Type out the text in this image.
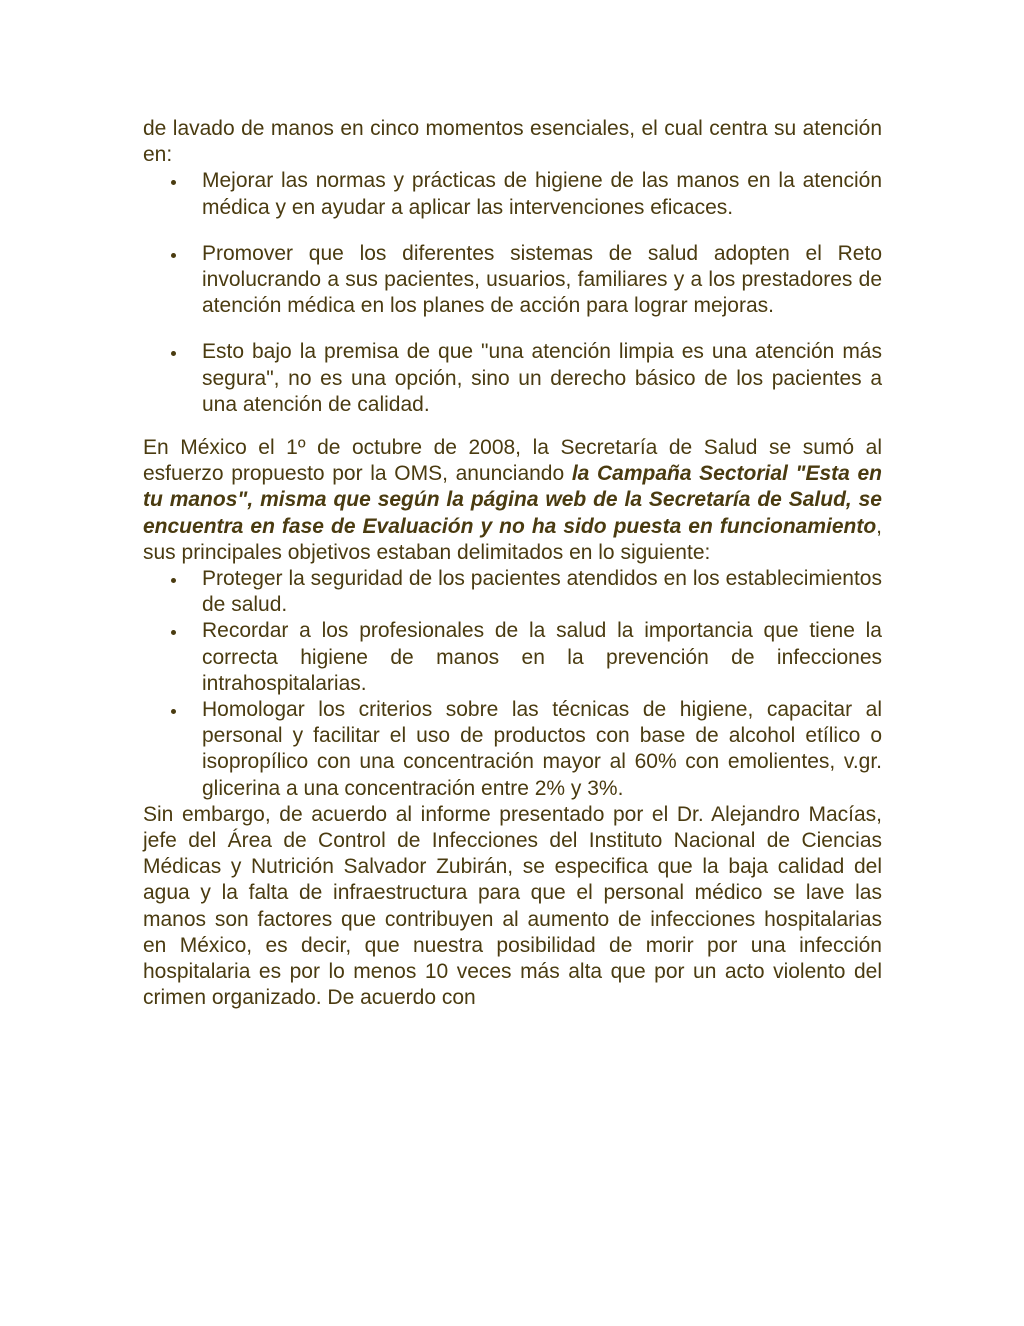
de lavado de manos en cinco momentos esenciales, el cual centra su atención en:

Mejorar las normas y prácticas de higiene de las manos en la atención médica y en ayudar a aplicar las intervenciones eficaces.
Promover que los diferentes sistemas de salud adopten el Reto involucrando a sus pacientes, usuarios, familiares y a los prestadores de atención médica en los planes de acción para lograr mejoras.
Esto bajo la premisa de que "una atención limpia es una atención más segura", no es una opción, sino un derecho básico de los pacientes a una atención de calidad.

En México el 1º de octubre de 2008, la Secretaría de Salud se sumó al esfuerzo propuesto por la OMS, anunciando la Campaña Sectorial "Esta en tu manos", misma que según la página web de la Secretaría de Salud, se encuentra en fase de Evaluación y no ha sido puesta en funcionamiento, sus principales objetivos estaban delimitados en lo siguiente:

Proteger la seguridad de los pacientes atendidos en los establecimientos de salud.
Recordar a los profesionales de la salud la importancia que tiene la correcta higiene de manos en la prevención de infecciones intrahospitalarias.
Homologar los criterios sobre las técnicas de higiene, capacitar al personal y facilitar el uso de productos con base de alcohol etílico o isopropílico con una concentración mayor al 60% con emolientes, v.gr. glicerina a una concentración entre 2% y 3%.

Sin embargo, de acuerdo al informe presentado por el Dr. Alejandro Macías, jefe del Área de Control de Infecciones del Instituto Nacional de Ciencias Médicas y Nutrición Salvador Zubirán, se especifica que la baja calidad del agua y la falta de infraestructura para que el personal médico se lave las manos son factores que contribuyen al aumento de infecciones hospitalarias en México, es decir, que nuestra posibilidad de morir por una infección hospitalaria es por lo menos 10 veces más alta que por un acto violento del crimen organizado. De acuerdo con
